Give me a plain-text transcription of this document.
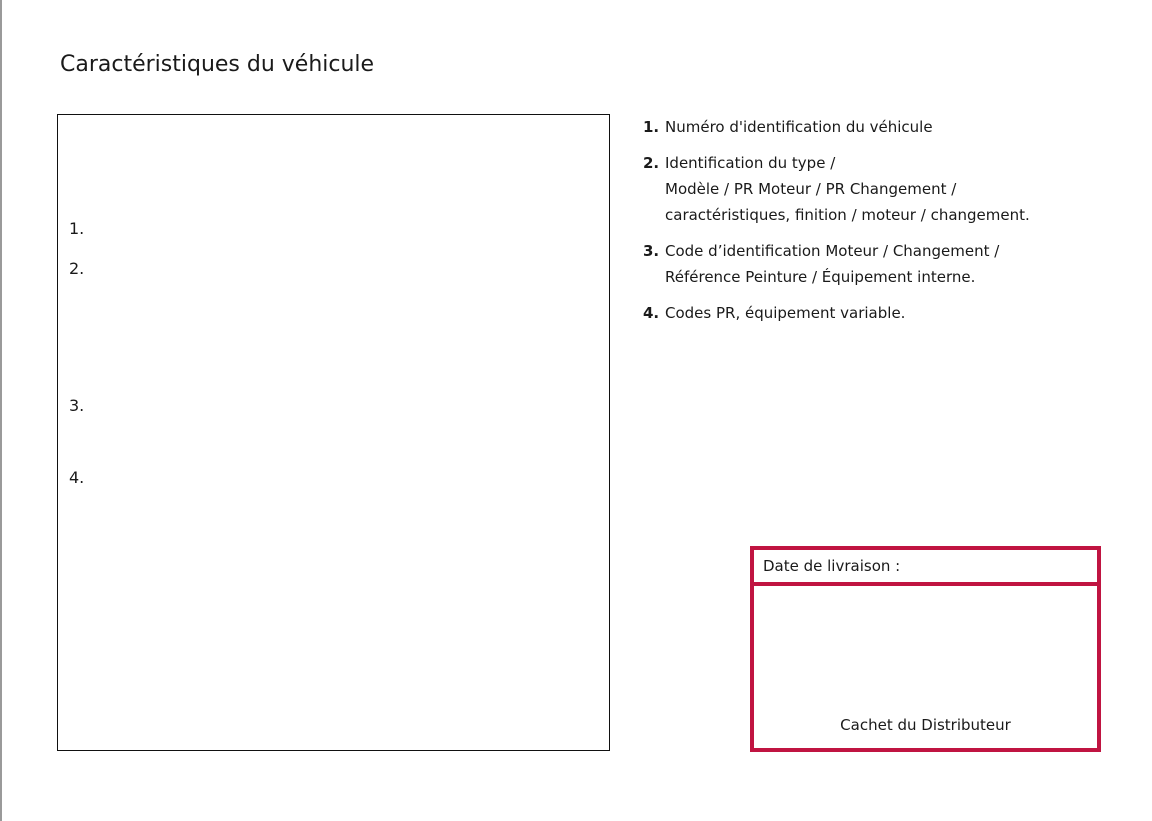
Caractéristiques du véhicule
1.
2.
3.
4.
1. Numéro d'identification du véhicule
2. Identification du type /
Modèle / PR Moteur / PR Changement /
caractéristiques, finition / moteur / changement.
3. Code d’identification Moteur / Changement /
Référence Peinture / Équipement interne.
4. Codes PR, équipement variable.
Date de livraison :
Cachet du Distributeur
